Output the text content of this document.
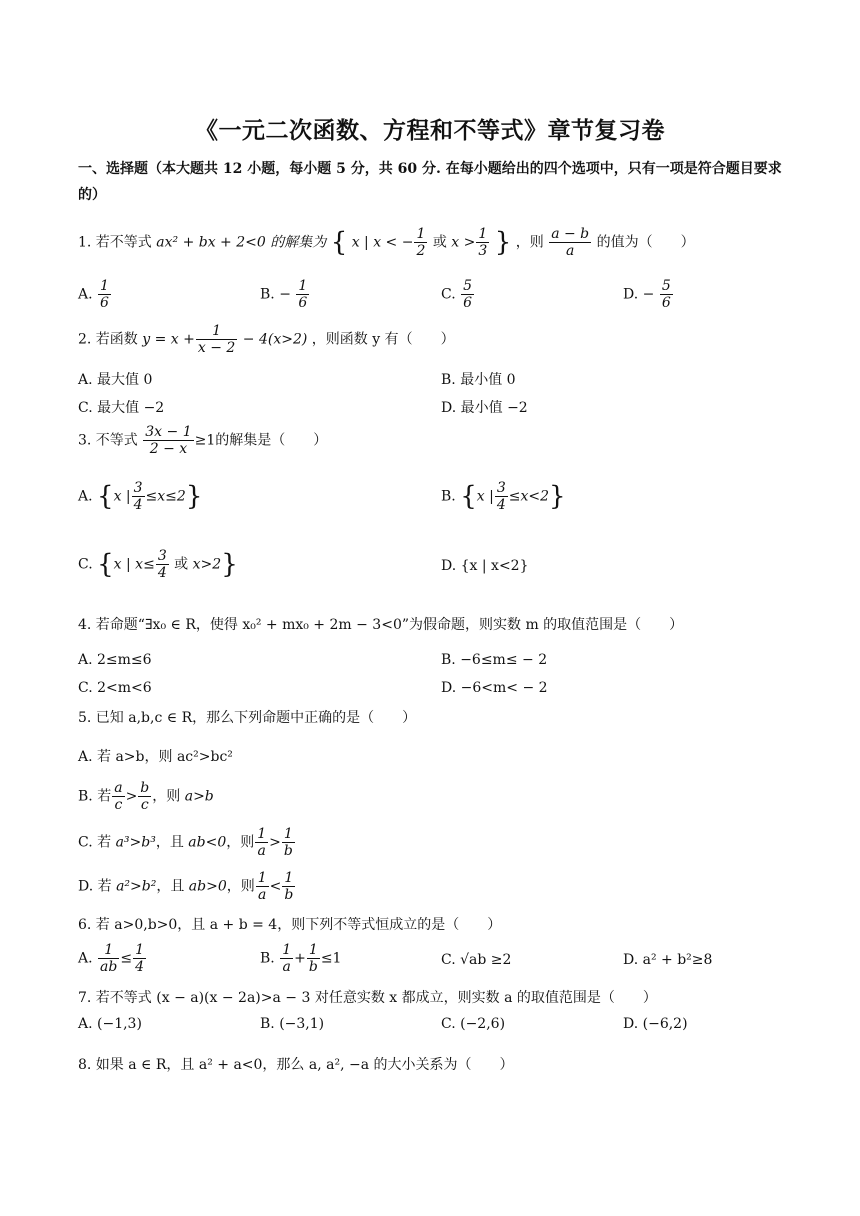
《一元二次函数、方程和不等式》章节复习卷
一、选择题（本大题共 12 小题，每小题 5 分，共 60 分. 在每小题给出的四个选项中，只有一项是符合题目要求的）
1. 若不等式 ax² + bx + 2<0 的解集为 { x | x < − $\frac{1}{2}$ 或 $x > \frac{1}{3}$ } ，则 $\frac{a - b}{a}$ 的值为（　　）
A. $\frac{1}{6}$	B. − $\frac{1}{6}$	C. $\frac{5}{6}$	D. − $\frac{5}{6}$
2. 若函数 $y = x + \frac{1}{x - 2} - 4(x>2)$ ，则函数 y 有（　　）
A. 最大值 0	B. 最小值 0
C. 最大值 −2	D. 最小值 −2
3. 不等式 $\frac{3x - 1}{2 - x} \ge 1$的解集是（　　）
A. {x | $\frac{3}{4} \le x\le 2$}	B. {x | $\frac{3}{4} \le x<2$}
C. {x | $x\le \frac{3}{4}$ 或 x>2}	D. {x | x<2}
4. 若命题“∃x₀ ∈ R，使得 x₀² + mx₀ + 2m − 3<0”为假命题，则实数 m 的取值范围是（　　）
A. 2≤m≤6	B. −6≤m≤ − 2
C. 2<m<6	D. −6<m< − 2
5. 已知 a,b,c ∈ R，那么下列命题中正确的是（　　）
A. 若 a>b，则 ac²>bc²
B. 若 $\frac{a}{c} > \frac{b}{c}$ ，则 a>b
C. 若 a³>b³，且 ab<0，则 $\frac{1}{a} > \frac{1}{b}$
D. 若 a²>b²，且 ab>0，则 $\frac{1}{a} < \frac{1}{b}$
6. 若 a>0,b>0，且 a + b = 4，则下列不等式恒成立的是（　　）
A. $\frac{1}{ab} \le \frac{1}{4}$	B. $\frac{1}{a} + \frac{1}{b} \le 1$	C. √ab ≥2	D. a² + b²≥8
7. 若不等式 (x − a)(x − 2a)>a − 3 对任意实数 x 都成立，则实数 a 的取值范围是（　　）
A. (−1,3)	B. (−3,1)	C. (−2,6)	D. (−6,2)
8. 如果 a ∈ R，且 a² + a<0，那么 a, a², −a 的大小关系为（　　）
